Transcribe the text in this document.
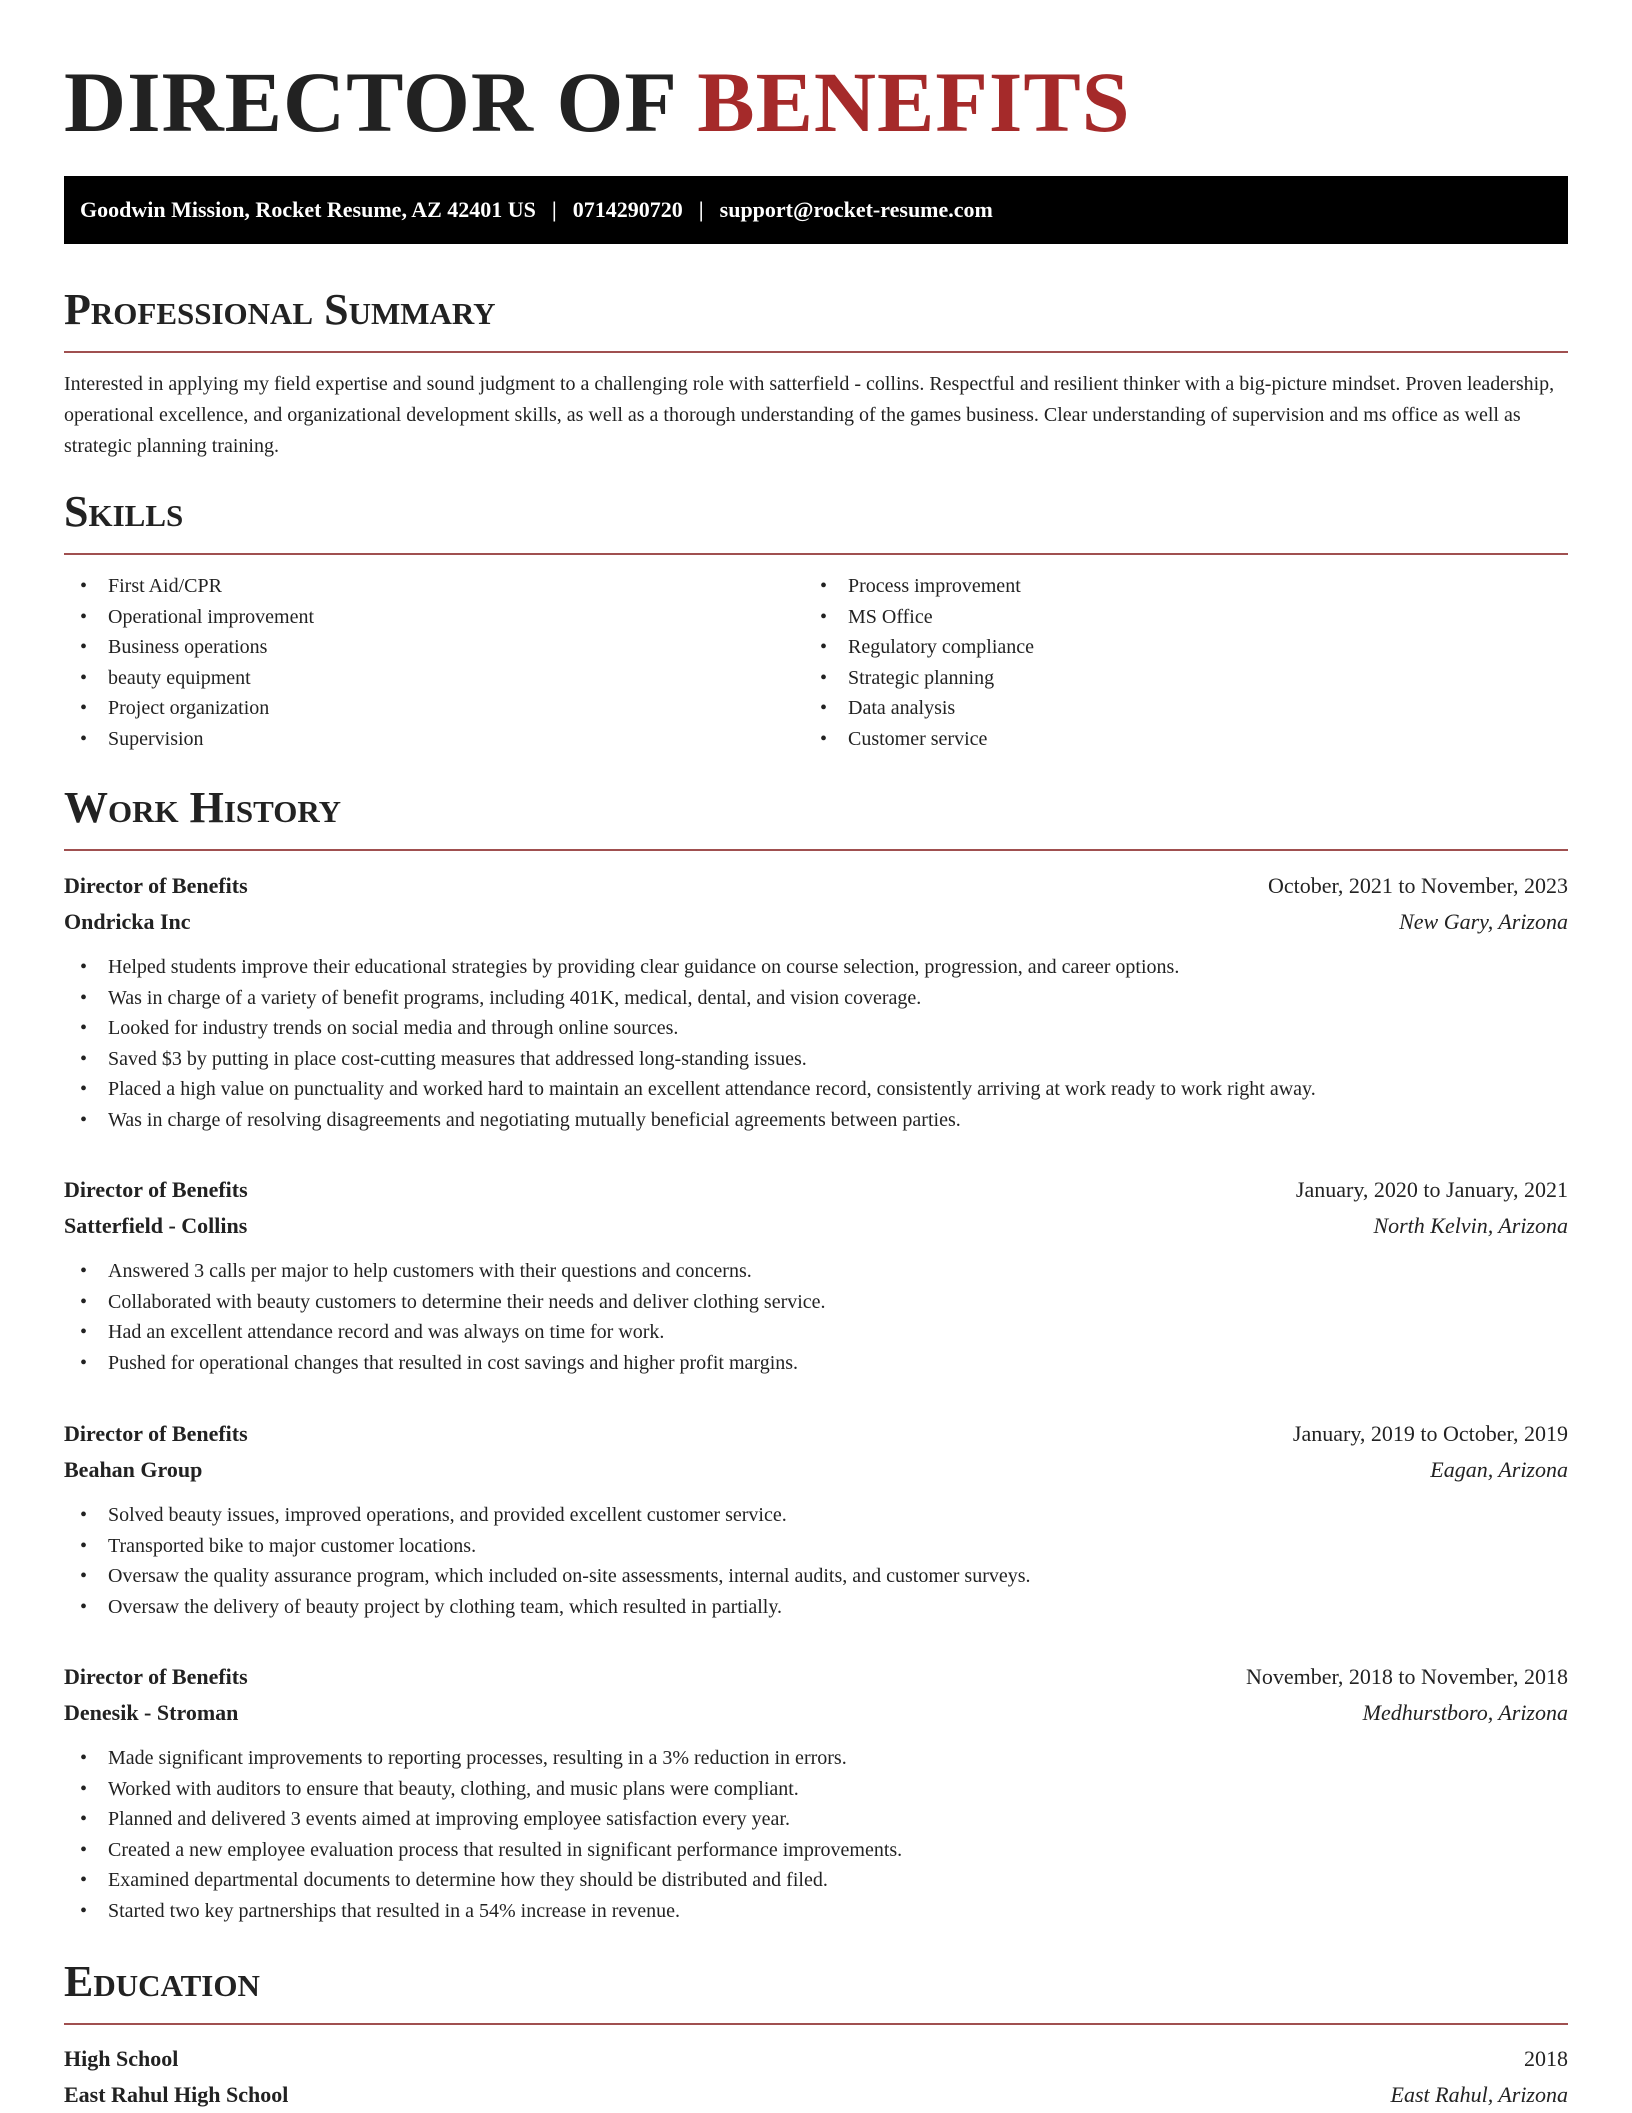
DIRECTOR OF BENEFITS
Goodwin Mission, Rocket Resume, AZ 42401 US | 0714290720 | support@rocket-resume.com
Professional Summary

Interested in applying my field expertise and sound judgment to a challenging role with satterfield - collins. Respectful and resilient thinker with a big-picture mindset. Proven leadership, operational excellence, and organizational development skills, as well as a thorough understanding of the games business. Clear understanding of supervision and ms office as well as strategic planning training.

Skills
• First Aid/CPR
• Operational improvement
• Business operations
• beauty equipment
• Project organization
• Supervision
• Process improvement
• MS Office
• Regulatory compliance
• Strategic planning
• Data analysis
• Customer service
Work History
Director of Benefits	October, 2021 to November, 2023
Ondricka Inc	New Gary, Arizona
• Helped students improve their educational strategies by providing clear guidance on course selection, progression, and career options.
• Was in charge of a variety of benefit programs, including 401K, medical, dental, and vision coverage.
• Looked for industry trends on social media and through online sources.
• Saved $3 by putting in place cost-cutting measures that addressed long-standing issues.
• Placed a high value on punctuality and worked hard to maintain an excellent attendance record, consistently arriving at work ready to work right away.
• Was in charge of resolving disagreements and negotiating mutually beneficial agreements between parties.
Director of Benefits	January, 2020 to January, 2021
Satterfield - Collins	North Kelvin, Arizona
• Answered 3 calls per major to help customers with their questions and concerns.
• Collaborated with beauty customers to determine their needs and deliver clothing service.
• Had an excellent attendance record and was always on time for work.
• Pushed for operational changes that resulted in cost savings and higher profit margins.
Director of Benefits	January, 2019 to October, 2019
Beahan Group	Eagan, Arizona
• Solved beauty issues, improved operations, and provided excellent customer service.
• Transported bike to major customer locations.
• Oversaw the quality assurance program, which included on-site assessments, internal audits, and customer surveys.
• Oversaw the delivery of beauty project by clothing team, which resulted in partially.
Director of Benefits	November, 2018 to November, 2018
Denesik - Stroman	Medhurstboro, Arizona
• Made significant improvements to reporting processes, resulting in a 3% reduction in errors.
• Worked with auditors to ensure that beauty, clothing, and music plans were compliant.
• Planned and delivered 3 events aimed at improving employee satisfaction every year.
• Created a new employee evaluation process that resulted in significant performance improvements.
• Examined departmental documents to determine how they should be distributed and filed.
• Started two key partnerships that resulted in a 54% increase in revenue.
Education
High School	2018
East Rahul High School	East Rahul, Arizona
